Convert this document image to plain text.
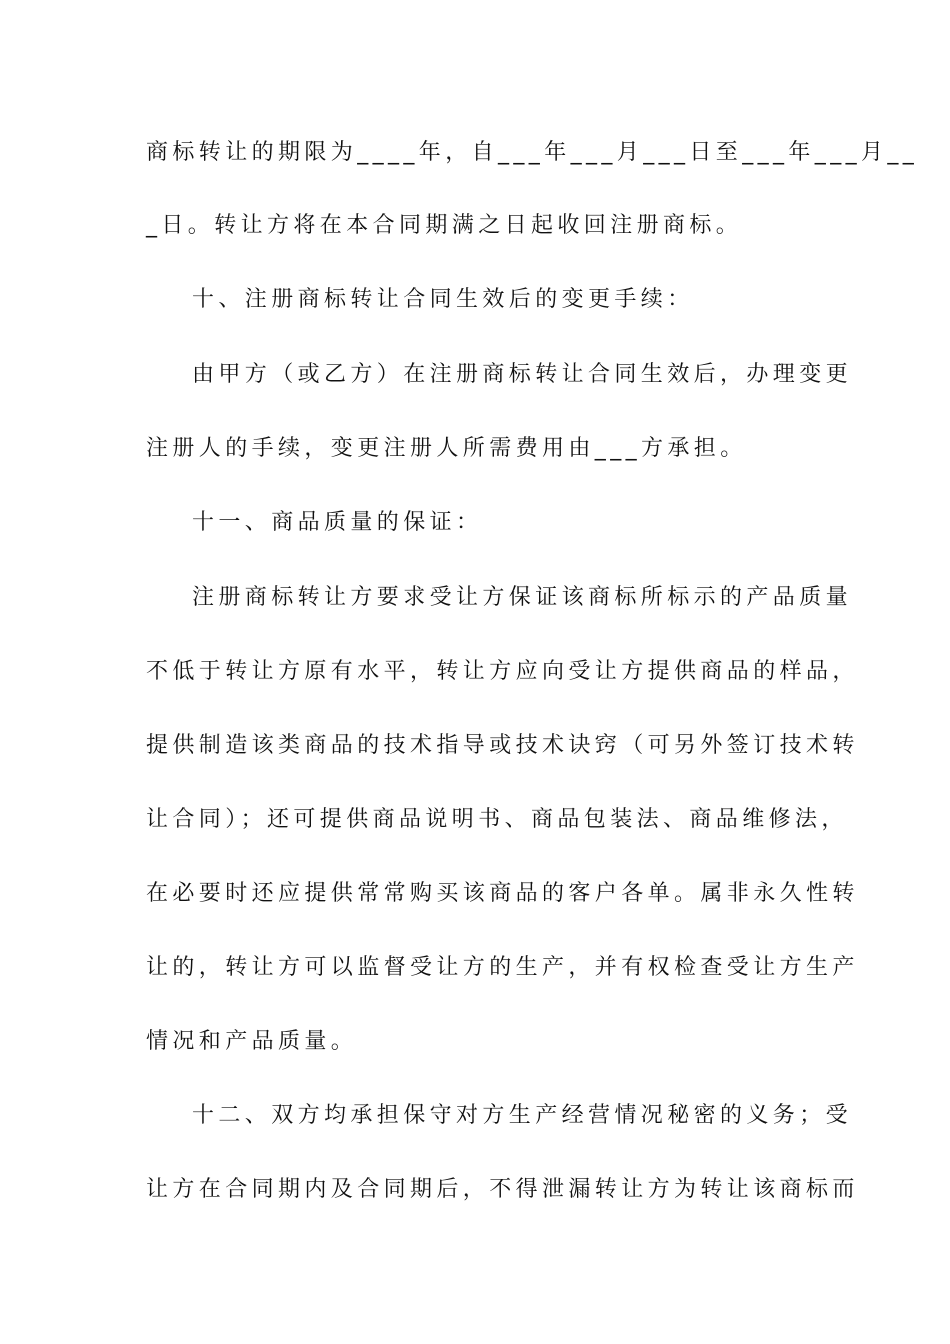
商标转让的期限为____年，自___年___月___日至___年___月__
_日。转让方将在本合同期满之日起收回注册商标。
十、注册商标转让合同生效后的变更手续：
由甲方（或乙方）在注册商标转让合同生效后，办理变更
注册人的手续，变更注册人所需费用由___方承担。
十一、商品质量的保证：
注册商标转让方要求受让方保证该商标所标示的产品质量
不低于转让方原有水平，转让方应向受让方提供商品的样品，
提供制造该类商品的技术指导或技术诀窍（可另外签订技术转
让合同）；还可提供商品说明书、商品包装法、商品维修法，
在必要时还应提供常常购买该商品的客户各单。属非永久性转
让的，转让方可以监督受让方的生产，并有权检查受让方生产
情况和产品质量。
十二、双方均承担保守对方生产经营情况秘密的义务；受
让方在合同期内及合同期后，不得泄漏转让方为转让该商标而
